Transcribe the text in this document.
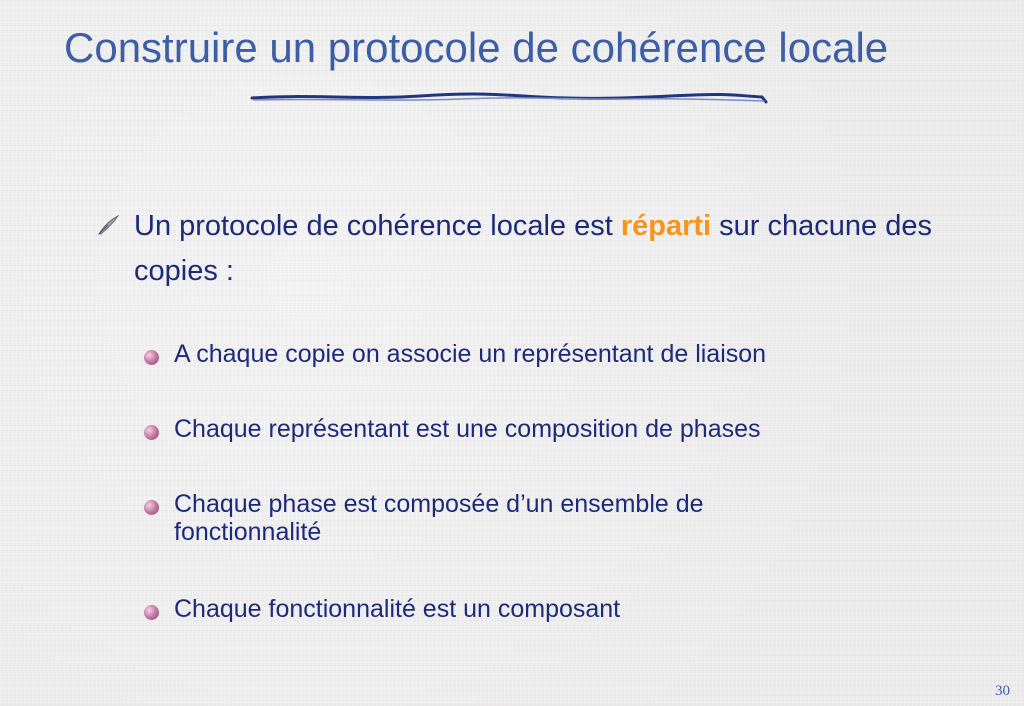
Construire un protocole de cohérence locale
Un protocole de cohérence locale est réparti sur chacune des copies :
A chaque copie on associe un représentant de liaison
Chaque représentant est une composition de phases
Chaque phase est composée d’un ensemble de fonctionnalité
Chaque fonctionnalité est un composant
30
